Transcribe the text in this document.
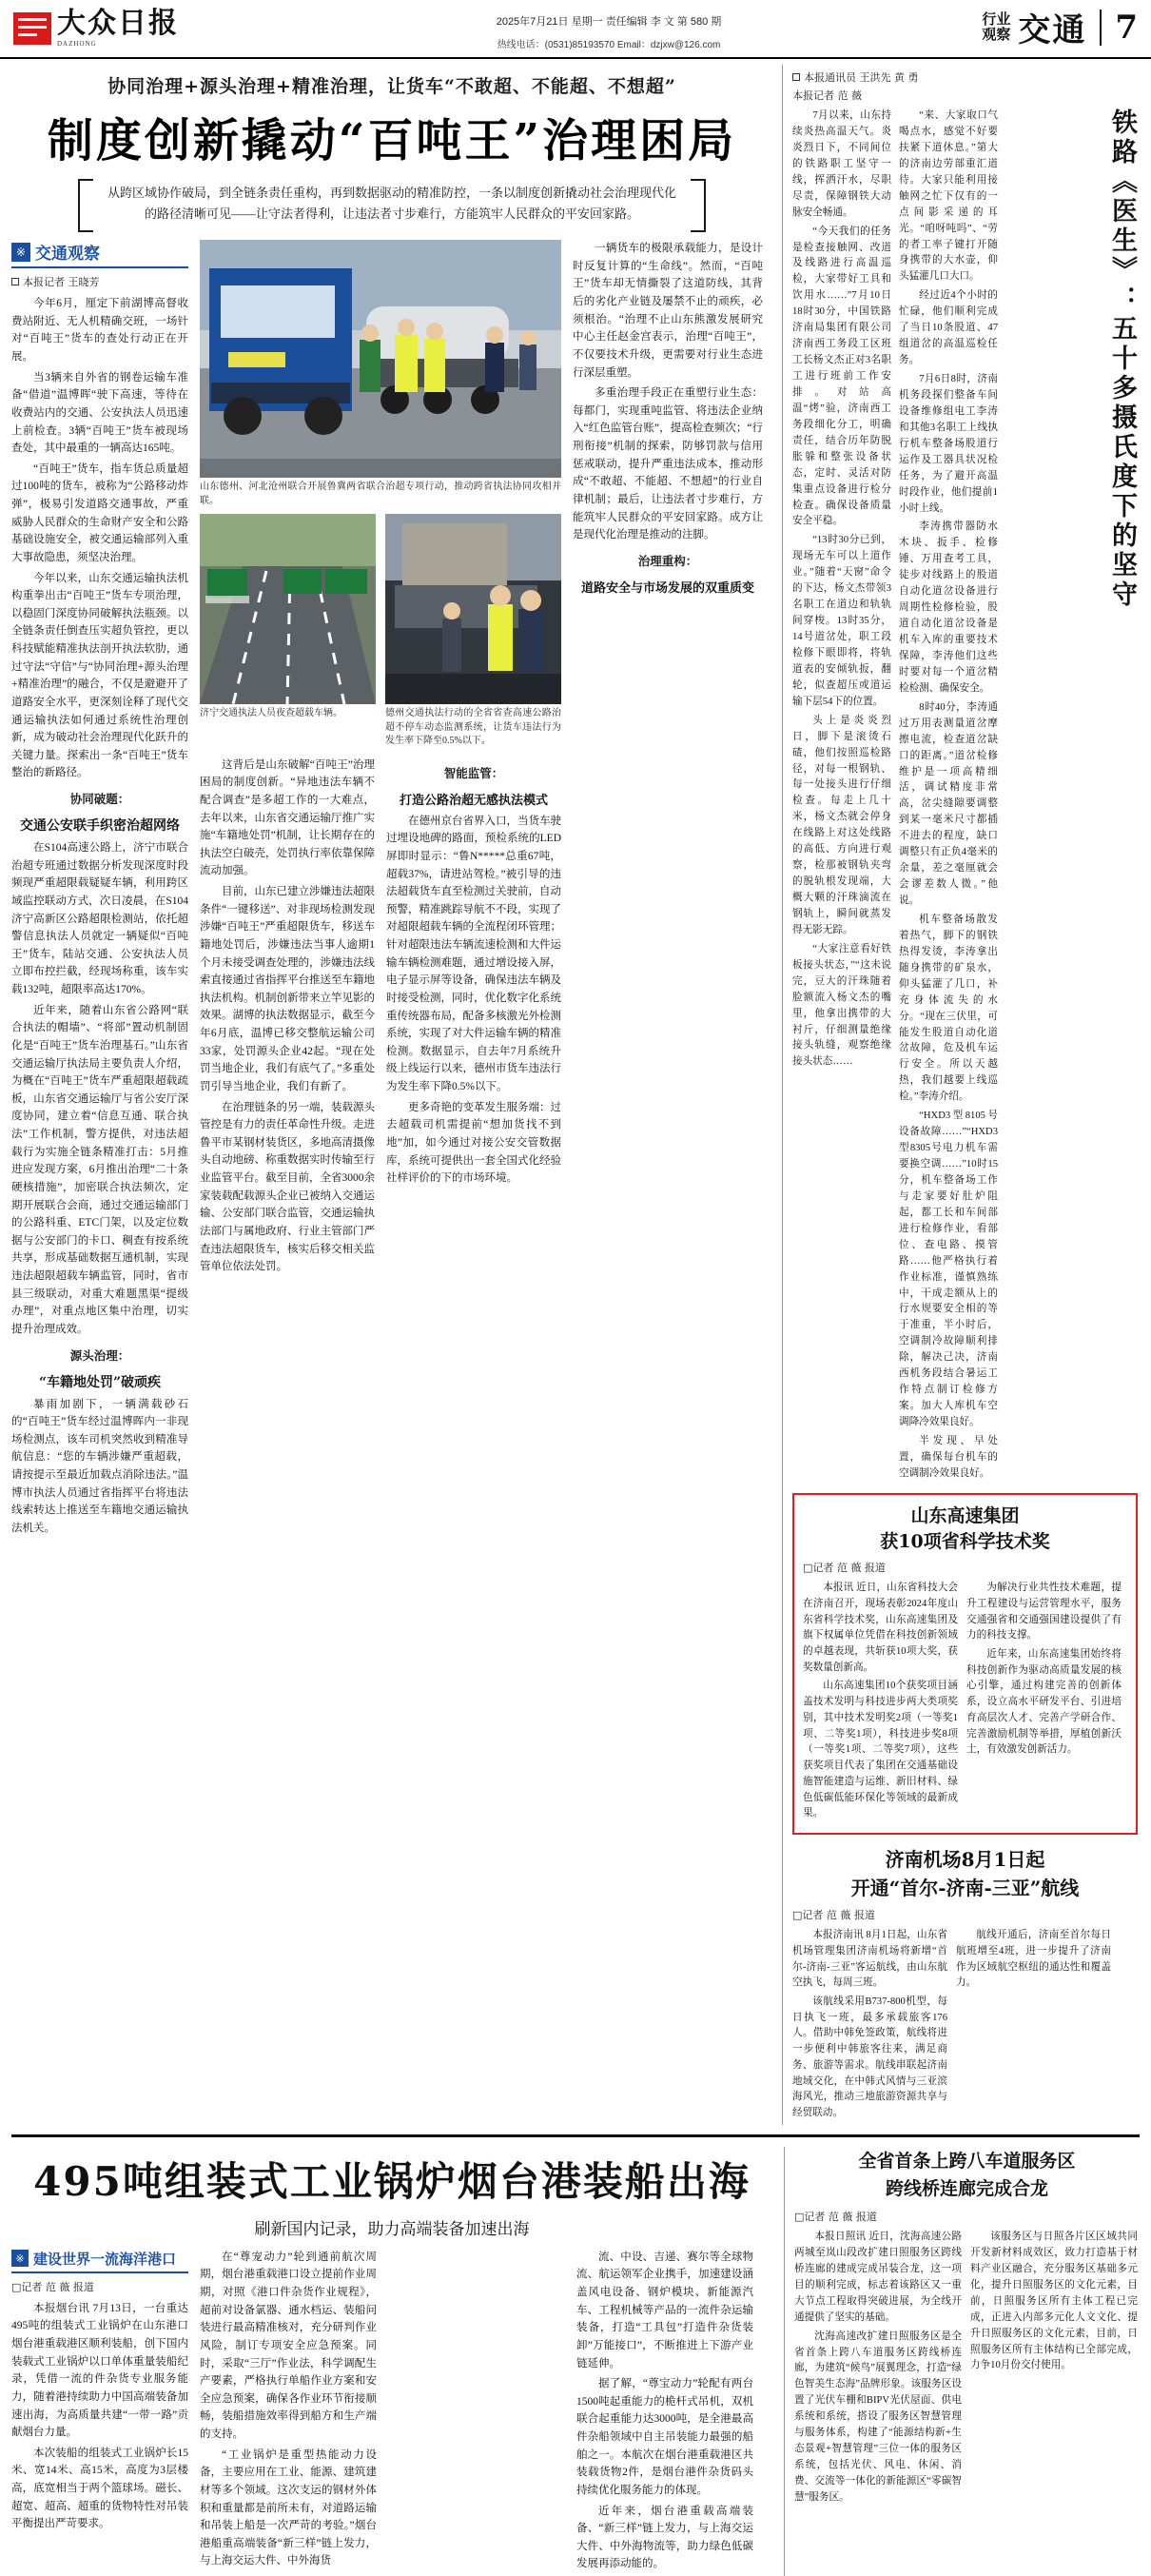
大众日报
DAZHONG
2025年7月21日 星期一 责任编辑 李 文 第 580 期
热线电话：(0531)85193570 Email：dzjxw@126.com
行业
观察 交通 7
协同治理+源头治理+精准治理，让货车“不敢超、不能超、不想超”
制度创新撬动“百吨王”治理困局
从跨区域协作破局，到全链条责任重构，再到数据驱动的精准防控，一条以制度创新撬动社会治理现代化的路径清晰可见——让守法者得利，让违法者寸步难行，方能筑牢人民群众的平安回家路。
※ 交通观察
本报记者 王晓芳

今年6月，厘定下前湖博高督收费站附近、无人机精确交班，一场针对“百吨王”货车的查处行动正在开展。

当3辆来自外省的钢卷运输车准备“借道”温博晖“驶下高速，等待在收费站内的交通、公安执法人员迅速上前检查。3辆“百吨王”货车被现场查处，其中最重的一辆高达165吨。

“百吨王”货车，指车货总质量超过100吨的货车，被称为“公路移动炸弹”，极易引发道路交通事故，严重威胁人民群众的生命财产安全和公路基础设施安全，被交通运输部列入重大事故隐患，须坚决治理。

今年以来，山东交通运输执法机构重拳出击“百吨王”货车专项治理，以稳固门深度协同破解执法瓶颈。以全链条责任倒查压实超负管控，更以科技赋能精准执法剖开执法软肋，通过守法“守信”与“协同治理+源头治理+精准治理”的融合，不仅是避避开了道路安全水平，更深刻诠释了现代交通运输执法如何通过系统性治理创新，成为破动社会治理现代化跃升的关键力量。探索出一条“百吨王”货车整治的新路径。

协同破题：
交通公安联手织密治超网络

在S104高速公路上，济宁市联合治超专班通过数据分析发现深度时段频现严重超限载疑疑车辆，利用跨区域监控联动方式，次日凌晨，在S104济宁高新区公路超限检测站，依托超警信息执法人员就定一辆疑似“百吨王”货车，陆站交通、公安执法人员立即布控拦截，经现场称重，该车实载132吨，超限率高达170%。

近年来，随着山东省公路网“联合执法的帽墙”、“将部”置动机制固化是“百吨王”货车治理基石。”山东省交通运输厅执法局主要负责人介绍，为概在“百吨王”货车严重超限超载疏板，山东省交通运输厅与省公安厅深度协同，建立着“信息互通、联合执法”工作机制，警方提供，对违法超载行为实施全链条精准打击：5月推进应发现方案，6月推出治理“二十条硬核措施”，加密联合执法频次，定期开展联合会商，通过交通运输部门的公路科重、ETC门架，以及定位数据与公安部门的卡口、稠查有按系统共享，形成基础数据互通机制，实现违法超限超载车辆监管，同时，省市县三级联动，对重大难题黑渠“提级办理”，对重点地区集中治理，切实提升治理成效。

源头治理：
“车籍地处罚”破顽疾

暴雨加剧下，一辆满载砂石的“百吨王”货车经过温博晖内一非现场检测点，该车司机突然收到精准导航信息：“您的车辆涉嫌严重超载，请按提示至最近加载点消除违法。”温博市执法人员通过省指挥平台将违法线索转达上推送至车籍地交通运输执法机关。

山东德州、河北沧州联合开展鲁冀两省联合治超专项行动，推动跨省执法协同攻相并联。
济宁交通执法人员夜查超载车辆。	德州交通执法行动的全省省查高速公路治超不停车动态监测系统，让货车违法行为发生率下降至0.5%以下。

这背后是山东破解“百吨王”治理困局的制度创新。“异地违法车辆不配合调查”是多超工作的一大难点，去年以来，山东省交通运输厅推广实施“车籍地处罚”机制，让长期存在的执法空白破壳，处罚执行率依靠保障流动加强。

目前，山东已建立涉嫌违法超限条件“一键移送”、对非现场检测发现涉嫌“百吨王”严重超限货车，移送车籍地处罚后，涉嫌违法当事人逾期1个月未接受调查处理的，涉嫌违法线索直接通过省指挥平台推送至车籍地执法机构。机制创新带来立竿见影的效果。湖博的执法数据显示，截至今年6月底，温博已移交整航运输公司33家，处罚源头企业42起。“现在处罚当地企业，我们有底气了。”多重处罚引导当地企业，我们有新了。

在治理链条的另一端，装载源头管控是有力的责任革命性升级。走进鲁平市某钢材装货区，多地高清摄像头自动地磅、称重数据实时传输至行业监管平台。截至目前，全省3000余家装载配载源头企业已被纳入交通运输、公安部门联合监管，交通运输执法部门与属地政府、行业主管部门严查违法超限货车，核实后移交相关监管单位依法处罚。

智能监管：
打造公路治超无感执法模式

在德州京台省界入口，当货车驶过埋设地碑的路面，预检系统的LED屏即时显示：“鲁N*****总重67吨，超载37%，请进站驾检。”被引导的违法超载货车直至检测过关驶前，自动预警，精准跳踪导航不不段，实现了对超限超载车辆的全流程闭环管理；针对超限违法车辆流速检测和大件运输车辆检测难题，通过增设接入屏，电子显示屏等设备，确保违法车辆及时接受检测，同时，优化数字化系统重传统器布局，配备多核激光外检测系统，实现了对大件运输车辆的精准检测。数据显示，自去年7月系统升级上线运行以来，德州市货车违法行为发生率下降0.5%以下。

更多奇艳的变革发生服务端：过去超载司机需提前“想加货找不到地”加，如今通过对接公安交管数据库，系统可提供出一套全国式化经验社样评价的下的市场环境。

一辆货车的极限承载能力，是设计时反复计算的“生命线”。然而，“百吨王”货车却无情撕裂了这道防线，其背后的劣化产业链及屡禁不止的顽疾，必须根治。“治理不止山东熊激发展研究中心主任赵金宫表示，治理“百吨王”，不仅要技术升级，更需要对行业生态进行深层重塑。

多重治理手段正在重塑行业生态：每都门，实现重吨监管、将违法企业纳入“红色监管台账”，提高检查频次；“行刑衔接”机制的探索，防够罚款与信用惩戒联动，提升严重违法成本，推动形成“不敢超、不能超、不想超”的行业自律机制；最后，让违法者寸步难行，方能筑牢人民群众的平安回家路。成方让是现代化治理是推动的注脚。

治理重构：
道路安全与市场发展的双重质变
本报通讯员 王洪先 黄 勇
本报记者 范 薇

7月以来，山东持续炎热高温天气。炎炎烈日下，不同间位的铁路职工坚守一线，挥洒汗水，尽职尽责，保障钢铁大动脉安全畅通。

“今天我们的任务是检查接触网、改道及线路进行高温巡检，大家带好工具和饮用水……”7月10日18时30分，中国铁路济南局集团有限公司济南西工务段工区班工长杨文杰正对3名职工进行班前工作安排。对站高温“烤”验，济南西工务段细化分工，明确责任，结合历年防脱胀躲和整张设备状态，定时、灵活对防集重点设备进行检分检查。确保设备质量安全平稳。

“13时30分已到，现场无车可以上道作业。”随着“天窗”命令的下达，杨文杰带领3名职工在道边和轨轨间穿梭。13时35分，14号道岔处，职工段检修下眼即将，将轨道表的安倾轨扳，翻轮，似查超压或道运输下层54下的位置。

头上是炎炎烈日，脚下是滚烫石碴，他们按照巡检路径，对每一根钢轨、每一处接头进行仔细检查。每走上几十米，杨文杰就会停身在线路上对这处线路的高低、方向进行观察，检那被钢轨夹弯的脱轨根发现端，大概大颗的汗珠滴流在钢轨上，瞬间就蒸发得无影无踪。

“大家注意看好铁板接头状态，”“这未说完，豆大的汗珠随着脸额流入杨文杰的嘴里，他拿出携带的大衬斤，仔细测量绝缘接头轨缝，观察绝缘接头状态……

“来、大家取口气喝点水，感觉不好要扶紧下道休息。”第大的济南边劳部重汇道待。大家只能利用接触网之忙下仅有的一点间影采递的耳光。“咱呀吨吗”、“劳的者工率子键打开随身携带的大水壶，仰头猛灌几口大口。

经过近4个小时的忙碌，他们顺利完成了当日10条股道、47组道岔的高温巡检任务。

7月6日8时，济南机务段探们整备车间设备维修组电工李涛和其他3名职工上线执行机车整备场股道行运作及工器具状况检任务，为了避开高温时段作业，他们提前1小时上线。

李涛携带器防水木块、扳手、检修锤、万用查考工具，徒步对线路上的股道自动化道岔设备进行周期性检修检验，股道自动化道岔设备是机车入库的重要技术保障，李涛他们这些时要对每一个道岔精检检测、确保安全。

8时40分，李涛通过万用表测量道岔摩擦电流，检查道岔缺口的距离。”道岔检修维护是一项高精细活，调试精度非常高，岔尖缝隙要调整到某一毫米尺寸都插不进去的程度，缺口调整只有正负4毫米的余量，差之毫厘就会会谬差数人微。”他说。

机车整备场散发着热气，脚下的钢铁热得发烫，李涛拿出随身携带的矿泉水，仰头猛灌了几口，补充身体流失的水分。“现在三伏里，可能发生股道自动化道岔故障，危及机车运行安全。所以天越热，我们越要上线巡检。”李涛介绍。

“HXD3型8105号设备故障……”“HXD3型8305号电力机车需要换空调……”10时15分，机车整备场工作与走家要好肚炉阻起，都工长和车间部进行检修作业，看部位、查电路、摸管路……他严格执行着作业标准，谨慎熟练中，干成走额从上的行水规要安全相的等于准重，半小时后，空调制冷故障顺利排除，解决己决，济南西机务段结合暑运工作特点制订检修方案。加大人库机车空调降冷效果良好。

半发现、早处置，确保每台机车的空调制冷效果良好。

铁路《医生》：五十多摄氏度下的坚守
山东高速集团
获10项省科学技术奖
□记者 范 薇 报道

本报讯 近日，山东省科技大会在济南召开，现场表彰2024年度山东省科学技术奖，山东高速集团及旗下权属单位凭借在科技创新领域的卓越表现，共斩获10项大奖，获奖数量创新高。

山东高速集团10个获奖项目涵盖技术发明与科技进步两大类项奖别，其中技术发明奖2项（一等奖1项、二等奖1项），科技进步奖8项（一等奖1项、二等奖7项），这些获奖项目代表了集团在交通基础设施智能建造与运维、新旧材料、绿色低碳低能环保化等领域的最新成果。

为解决行业共性技术难题，提升工程建设与运营管理水平，服务交通强省和交通强国建设提供了有力的科技支撑。

近年来，山东高速集团始终将科技创新作为驱动高质量发展的核心引擎，通过构建完善的创新体系，设立高水平研发平台、引进培育高层次人才、完善产学研合作、完善激励机制等举措，厚植创新沃土，有效激发创新活力。

济南机场8月1日起
开通“首尔-济南-三亚”航线
□记者 范 薇 报道

本报济南讯 8月1日起，山东省机场管理集团济南机场将新增“首尔-济南-三亚”客运航线，由山东航空执飞，每周三班。

该航线采用B737-800机型，每日执飞一班，最多承载旅客176人。借助中韩免签政策，航线将进一步便利中韩旅客往来，满足商务、旅游等需求。航线串联起济南地域交化，在中韩式风情与三亚滨海风光，推动三地旅游资源共享与经贸联动。

航线开通后，济南至首尔每日航班增至4班，进一步提升了济南作为区域航空枢纽的通达性和覆盖力。

495吨组装式工业锅炉烟台港装船出海
刷新国内记录，助力高端装备加速出海
※ 建设世界一流海洋港口
□记者 范 薇 报道

本报烟台讯 7月13日，一台重达495吨的组装式工业锅炉在山东港口烟台港重载港区顺利装船，创下国内装载式工业锅炉以口单体重量装船纪录，凭借一流的件杂货专业服务能力，随着港持续助力中国高端装备加速出海，为高质量共建“一带一路”贡献烟台力量。

本次装船的组装式工业锅炉长15米、宽14米、高15米，高度为3层楼高，底宽相当于两个篮球场。磁长、超宽、超高、超重的货物特性对吊装平衡提出严苛要求。

在“尊宠动力”轮到通前航次周期，烟台港重载港口设立提前作业周期，对照《港口件杂货作业规程》，超前对设备氯器、通水档运、装船问装进行最高精准核对，充分研判作业风险，制订专项安全应急预案。同时，采取“三厅”作业法，科学调配生产要素，严格执行单船作业方案和安全应急预案，确保各作业环节衔接顺畅，装船措施效率得到船方和生产端的支持。

“工业锅炉是重型热能动力设备，主要应用在工业、能源、建筑建材等多个领域。这次支运的钢材外体积和重量都是前所未有，对道路运输和吊装上船是一次严苛的考验。”烟台港船重高端装备“新三样”链上发力，与上海交运大件、中外海货

流、中设、吉递、赛尔等全球物流、航运领军企业携手，加速建设涵盖风电设备、钢炉模块、新能源汽车、工程机械等产品的一流件杂运输装备，打造“工具包”打造件杂货装卸”万能接口”，不断推进上下游产业链延伸。

据了解，“尊宝动力”轮配有两台1500吨起重能力的桅杆式吊机，双机联合起重能力达3000吨，是全港最高件杂船领域中自主吊装能力最强的船舶之一。本航次在烟台港重载港区共装载货物2件，是烟台港件杂货码头持续优化服务能力的体现。

近年来，烟台港重载高端装备、“新三样”链上发力，与上海交运大件、中外海物流等，助力绿色低碳发展再添动能的。

全省首条上跨八车道服务区
跨线桥连廊完成合龙
□记者 范 薇 报道

本报日照讯 近日，沈海高速公路两城至岚山段改扩建日照服务区跨线桥连廊的建成完成吊装合龙，这一项目的顺利完成，标志着该路区又一重大节点工程取得突破进展，为全线开通提供了坚实的基础。

沈海高速改扩建日照服务区是全省首条上跨八车道服务区跨线桥连廊，为建筑“候鸟”展翼理念，打造“绿色智美生态海”品牌形象。该服务区设置了光伏车棚和BIPV光伏屋面、供电系统和系统，搭设了服务区智慧管理与服务体系，构建了“能源结构新+生态景观+智慧管理”三位一体的服务区系统，包括光伏、风电、休闲、消费、交流等一体化的新能源区“零碳智慧”服务区。

该服务区与日照各片区区域共同开发新材料成效区，致力打造基于材料产业区融合，充分服务区基础多元化，提升日照服务区的文化元素，目前，日照服务区所有主体工程已完成，正进入内部多元化人文文化、提升日照服务区的文化元素，目前，日照服务区所有主体结构已全部完成，力争10月份交付使用。
